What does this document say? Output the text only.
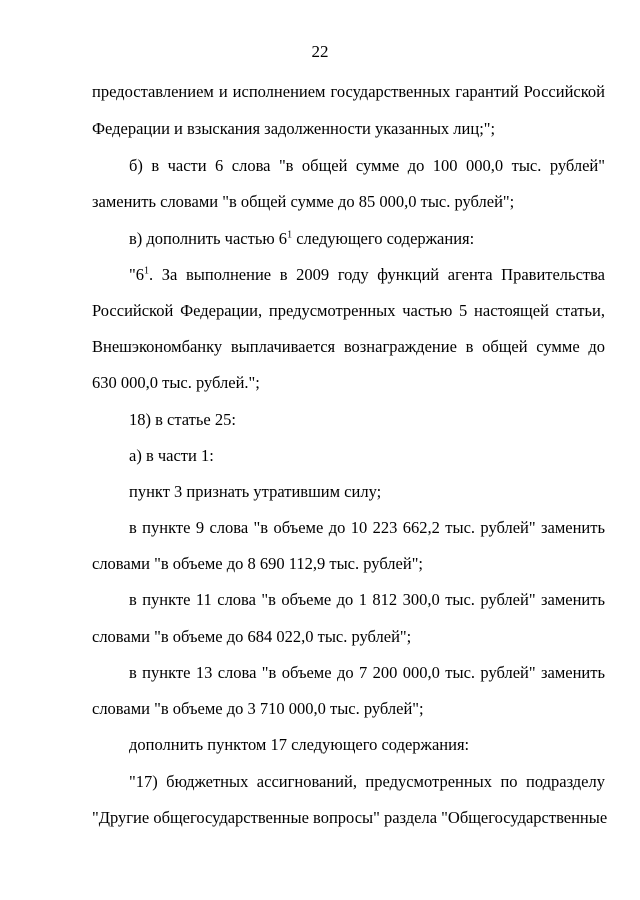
22
предоставлением и исполнением государственных гарантий Российской
Федерации и взыскания задолженности указанных лиц;";
б) в части 6 слова "в общей сумме до 100 000,0 тыс. рублей"
заменить словами "в общей сумме до 85 000,0 тыс. рублей";
в) дополнить частью $6^1$ следующего содержания:
"$6^1$. За выполнение в 2009 году функций агента Правительства
Российской Федерации, предусмотренных частью 5 настоящей статьи,
Внешэкономбанку выплачивается вознаграждение в общей сумме до
630 000,0 тыс. рублей.";
18) в статье 25:
а) в части 1:
пункт 3 признать утратившим силу;
в пункте 9 слова "в объеме до 10 223 662,2 тыс. рублей" заменить
словами "в объеме до 8 690 112,9 тыс. рублей";
в пункте 11 слова "в объеме до 1 812 300,0 тыс. рублей" заменить
словами "в объеме до 684 022,0 тыс. рублей";
в пункте 13 слова "в объеме до 7 200 000,0 тыс. рублей" заменить
словами "в объеме до 3 710 000,0 тыс. рублей";
дополнить пунктом 17 следующего содержания:
"17) бюджетных ассигнований, предусмотренных по подразделу
"Другие общегосударственные вопросы" раздела "Общегосударственные
